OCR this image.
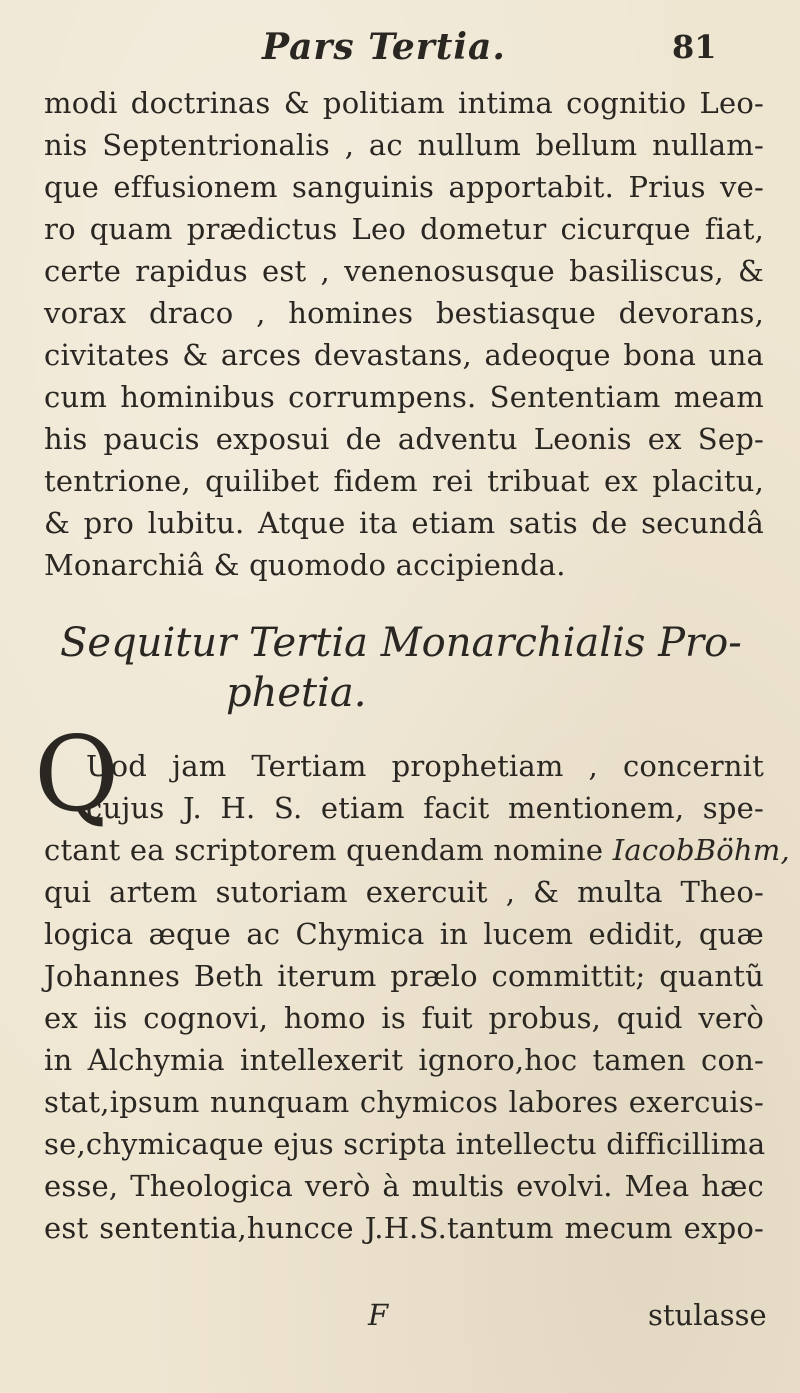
Pars Tertia.	81
modi doctrinas & politiam intima cognitio Leo-
nis Septentrionalis , ac nullum bellum nullam-
que effusionem sanguinis apportabit. Prius ve-
ro quam prædictus Leo dometur cicurque fiat,
certe rapidus est , venenosusque basiliscus, &
vorax draco , homines bestiasque devorans,
civitates & arces devastans, adeoque bona una
cum hominibus corrumpens. Sententiam meam
his paucis exposui de adventu Leonis ex Sep-
tentrione, quilibet fidem rei tribuat ex placitu,
& pro lubitu. Atque ita etiam satis de secundâ
Monarchiâ & quomodo accipienda.
Sequitur Tertia Monarchialis Pro-
phetia.
Q
Uod jam Tertiam prophetiam , concernit
cujus J. H. S. etiam facit mentionem, spe-
ctant ea scriptorem quendam nomine IacobBöhm,
qui artem sutoriam exercuit , & multa Theo-
logica æque ac Chymica in lucem edidit, quæ
Johannes Beth iterum prælo committit; quantũ
ex iis cognovi, homo is fuit probus, quid verò
in Alchymia intellexerit ignoro,hoc tamen con-
stat,ipsum nunquam chymicos labores exercuis-
se,chymicaque ejus scripta intellectu difficillima
esse, Theologica verò à multis evolvi. Mea hæc
est sententia,huncce J.H.S.tantum mecum expo-
F	stulasse
